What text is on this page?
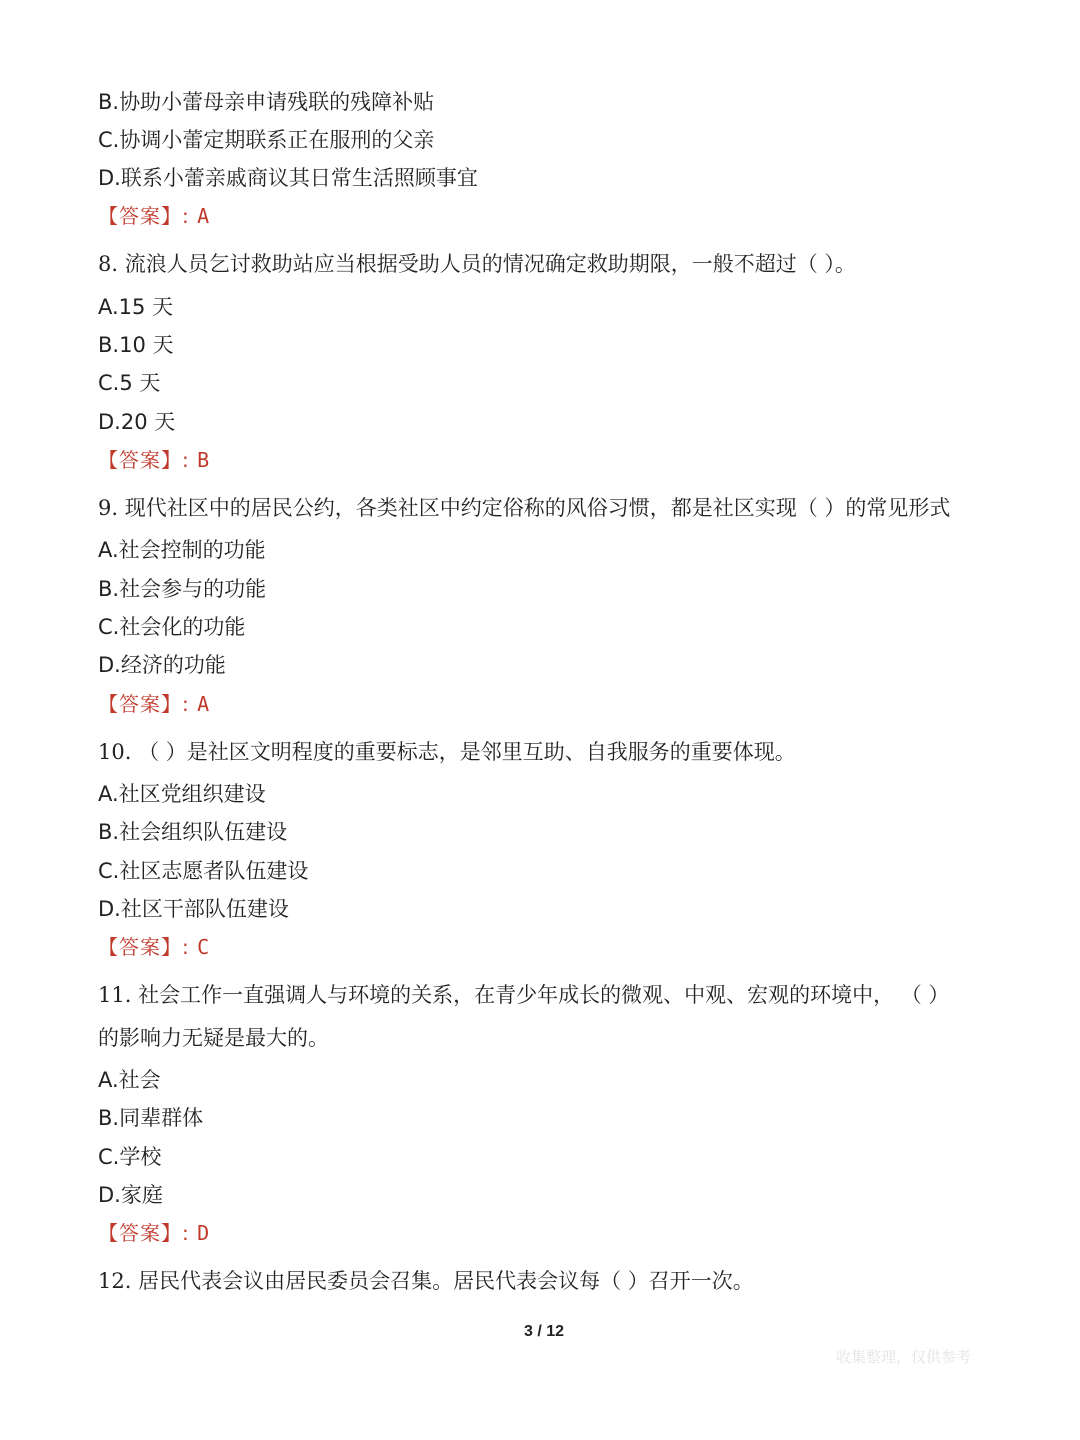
B.协助小蕾母亲申请残联的残障补贴
C.协调小蕾定期联系正在服刑的父亲
D.联系小蕾亲戚商议其日常生活照顾事宜
【答案】: A
8. 流浪人员乞讨救助站应当根据受助人员的情况确定救助期限，一般不超过（ ）。
A.15 天
B.10 天
C.5 天
D.20 天
【答案】: B
9. 现代社区中的居民公约，各类社区中约定俗称的风俗习惯，都是社区实现（ ）的常见形式
A.社会控制的功能
B.社会参与的功能
C.社会化的功能
D.经济的功能
【答案】: A
10. （ ）是社区文明程度的重要标志，是邻里互助、自我服务的重要体现。
A.社区党组织建设
B.社会组织队伍建设
C.社区志愿者队伍建设
D.社区干部队伍建设
【答案】: C
11. 社会工作一直强调人与环境的关系，在青少年成长的微观、中观、宏观的环境中， （ ）
的影响力无疑是最大的。
A.社会
B.同辈群体
C.学校
D.家庭
【答案】: D
12. 居民代表会议由居民委员会召集。居民代表会议每（ ）召开一次。
3 / 12
收集整理，仅供参考
